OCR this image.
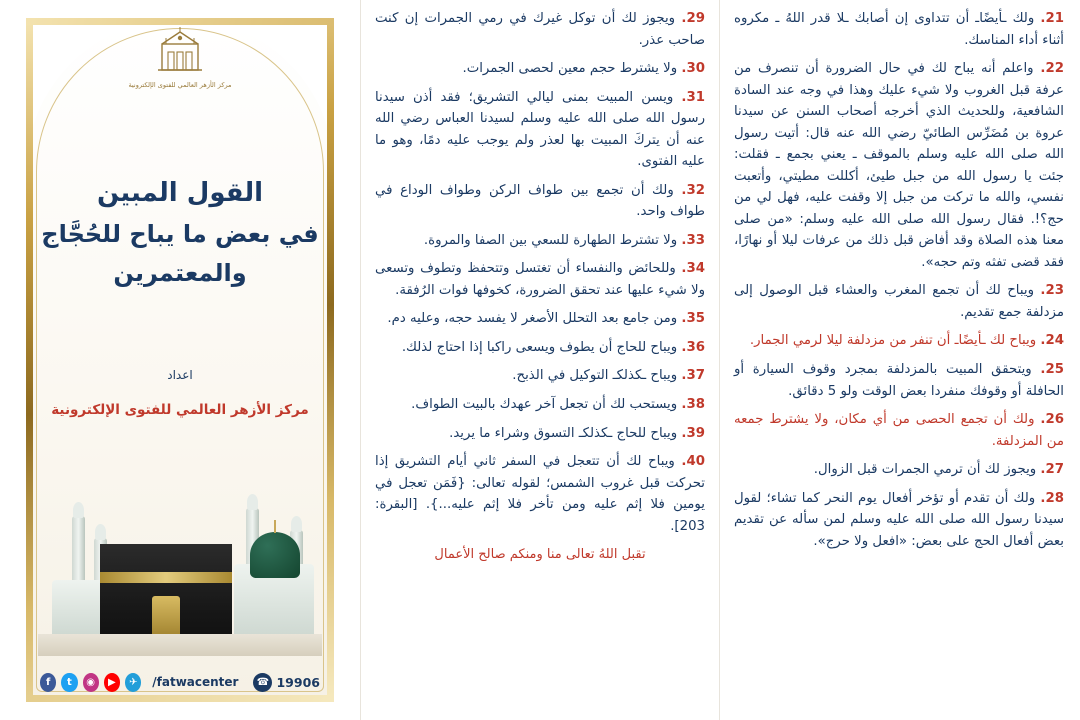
21. ولك ـأيضًاـ أن تتداوى إن أصابك ـلا قدر اللهُ ـ مكروه أثناء أداء المناسك.

22. واعلم أنه يباح لك في حال الضرورة أن تنصرف من عرفة قبل الغروب ولا شيء عليك وهذا في وجه عند السادة الشافعية، وللحديث الذي أخرجه أصحاب السنن عن سيدنا عروة بن مُضَرِّس الطائيّ رضي الله عنه قال: أتيت رسول الله صلى الله عليه وسلم بالموقف ـ يعني بجمع ـ فقلت: جئت يا رسول الله من جبل طيئ، أكللت مطيتي، وأتعبت نفسي، والله ما تركت من جبل إلا وقفت عليه، فهل لي من حج؟!. فقال رسول الله صلى الله عليه وسلم: «من صلى معنا هذه الصلاة وقد أفاض قبل ذلك من عرفات ليلا أو نهارًا، فقد قضى تفثه وتم حجه».

23. ويباح لك أن تجمع المغرب والعشاء قبل الوصول إلى مزدلفة جمع تقديم.

24. ويباح لك ـأيضًاـ أن تنفر من مزدلفة ليلا لرمي الجمار.

25. ويتحقق المبيت بالمزدلفة بمجرد وقوف السيارة أو الحافلة أو وقوفك منفردا بعض الوقت ولو 5 دقائق.

26. ولك أن تجمع الحصى من أي مكان، ولا يشترط جمعه من المزدلفة.

27. ويجوز لك أن ترمي الجمرات قبل الزوال.

28. ولك أن تقدم أو تؤخر أفعال يوم النحر كما تشاء؛ لقول سيدنا رسول الله صلى الله عليه وسلم لمن سأله عن تقديم بعض أفعال الحج على بعض: «افعل ولا حرج».

29. ويجوز لك أن توكل غيرك في رمي الجمرات إن كنت صاحب عذر.

30. ولا يشترط حجم معين لحصى الجمرات.

31. ويسن المبيت بمنى ليالي التشريق؛ فقد أذن سيدنا رسول الله صلى الله عليه وسلم لسيدنا العباس رضي الله عنه أن يتركَ المبيت بها لعذر ولم يوجب عليه دمًا، وهو ما عليه الفتوى.

32. ولك أن تجمع بين طواف الركن وطواف الوداع في طواف واحد.

33. ولا تشترط الطهارة للسعي بين الصفا والمروة.

34. وللحائض والنفساء أن تغتسل وتتحفظ وتطوف وتسعى ولا شيء عليها عند تحقق الضرورة، كخوفها فوات الرُفقة.

35. ومن جامع بعد التحلل الأصغر لا يفسد حجه، وعليه دم.

36. ويباح للحاج أن يطوف ويسعى راكبا إذا احتاج لذلك.

37. ويباح ـكذلكـ التوكيل في الذبح.

38. ويستحب لك أن تجعل آخر عهدك بالبيت الطواف.

39. ويباح للحاج ـكذلكـ التسوق وشراء ما يريد.

40. ويباح لك أن تتعجل في السفر ثاني أيام التشريق إذا تحركت قبل غروب الشمس؛ لقوله تعالى: {فَمَن تعجل في يومين فلا إثم عليه ومن تأخر فلا إثم عليه...}. [البقرة: 203].

تقبل اللهُ تعالى منا ومنكم صالح الأعمال

مركز الأزهر العالمي للفتوى الإلكترونية
القول المبين
في بعض ما يباح للحُجَّاج
والمعتمرين
اعداد
مركز الأزهر العالمي للفتوى الإلكترونية
f	t	◉	▶	✈	/fatwacenter	☎ 19906
